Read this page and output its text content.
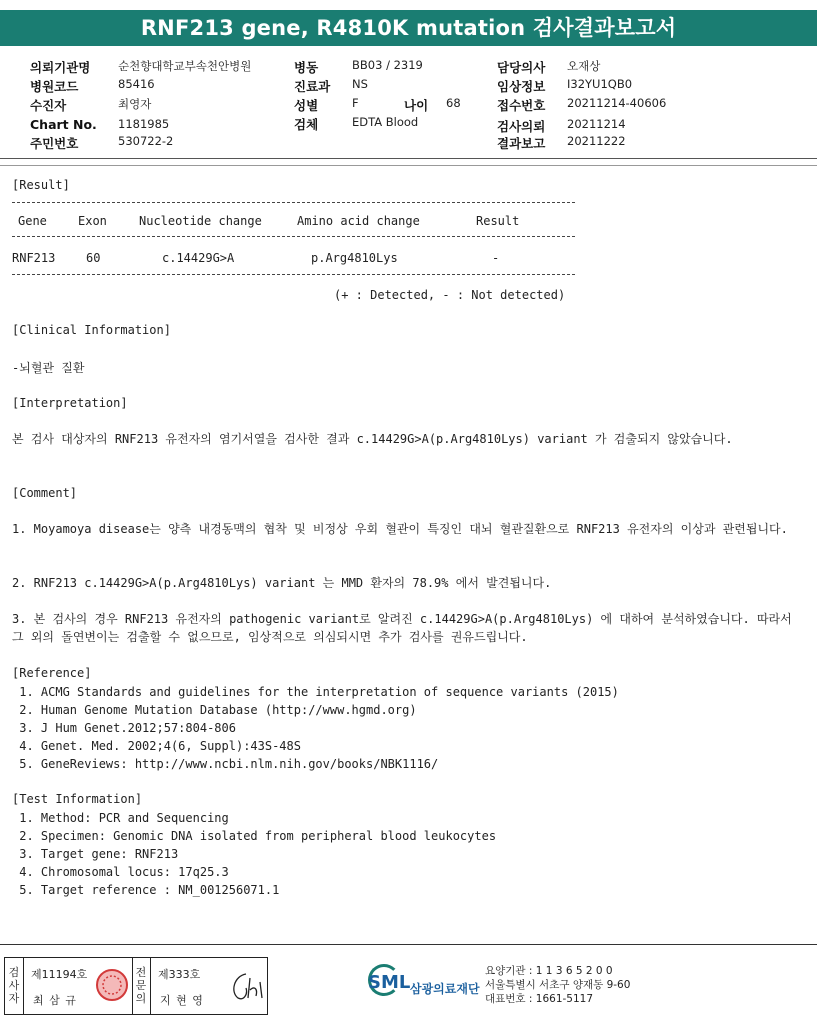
RNF213 gene, R4810K mutation 검사결과보고서
의뢰기관명 순천향대학교부속천안병원
병원코드	85416
수진자	최영자
Chart No. 1181985
주민번호	530722-2
병동	BB03 / 2319
진료과 NS
성별	F	나이 68
검체	EDTA Blood
담당의사 오재상
임상정보 I32YU1QB0
접수번호 20211214-40606
검사의뢰 20211214
결과보고 20211222
[Result]
Gene	Exon	Nucleotide change	Amino acid change	Result
RNF213	60	c.14429G>A	p.Arg4810Lys	-
(+ : Detected, - : Not detected)
[Clinical Information]
-뇌혈관 질환
[Interpretation]
본 검사 대상자의 RNF213 유전자의 염기서열을 검사한 결과 c.14429G>A(p.Arg4810Lys) variant 가 검출되지 않았습니다.
[Comment]
1. Moyamoya disease는 양측 내경동맥의 협착 및 비정상 우회 혈관이 특징인 대뇌 혈관질환으로 RNF213 유전자의 이상과 관련됩니다.
2. RNF213 c.14429G>A(p.Arg4810Lys) variant 는 MMD 환자의 78.9% 에서 발견됩니다.
3. 본 검사의 경우 RNF213 유전자의 pathogenic variant로 알려진 c.14429G>A(p.Arg4810Lys) 에 대하여 분석하였습니다. 따라서 그 외의 돌연변이는 검출할 수 없으므로, 임상적으로 의심되시면 추가 검사를 권유드립니다.
[Reference]
1. ACMG Standards and guidelines for the interpretation of sequence variants (2015)
2. Human Genome Mutation Database (http://www.hgmd.org)
3. J Hum Genet.2012;57:804-806
4. Genet. Med. 2002;4(6, Suppl):43S-48S
5. GeneReviews: http://www.ncbi.nlm.nih.gov/books/NBK1116/
[Test Information]
1. Method: PCR and Sequencing
2. Specimen: Genomic DNA isolated from peripheral blood leukocytes
3. Target gene: RNF213
4. Chromosomal locus: 17q25.3
5. Target reference : NM_001256071.1
검사자
제11194호
최 삼 규
전문의
제333호
지 현 영
SML 삼광의료재단
요양기관 : 1 1 3 6 5 2 0 0
서울특별시 서초구 양재동 9-60
대표번호 : 1661-5117
